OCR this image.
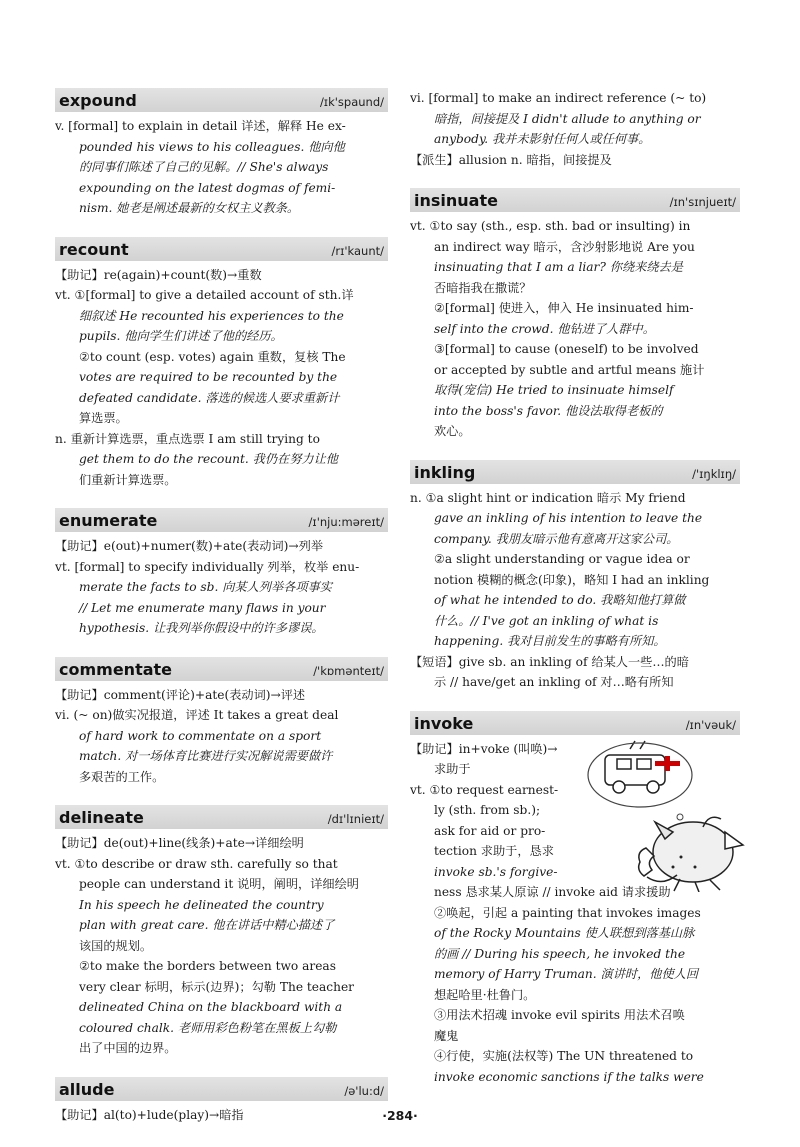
expound	/ɪk'spaund/
v. [formal] to explain in detail 详述，解释 He ex-
pounded his views to his colleagues. 他向他
的同事们陈述了自己的见解。// She's always
expounding on the latest dogmas of femi-
nism. 她老是阐述最新的女权主义教条。
recount	/rɪ'kaunt/
【助记】re(again)+count(数)→重数
vt. ①[formal] to give a detailed account of sth.详
细叙述 He recounted his experiences to the
pupils. 他向学生们讲述了他的经历。
②to count (esp. votes) again 重数，复核 The
votes are required to be recounted by the
defeated candidate. 落选的候选人要求重新计
算选票。
n. 重新计算选票，重点选票 I am still trying to
get them to do the recount. 我仍在努力让他
们重新计算选票。
enumerate	/ɪ'nju:məreɪt/
【助记】e(out)+numer(数)+ate(表动词)→列举
vt. [formal] to specify individually 列举，枚举 enu-
merate the facts to sb. 向某人列举各项事实
// Let me enumerate many flaws in your
hypothesis. 让我列举你假设中的许多谬误。
commentate	/'kɒmənteɪt/
【助记】comment(评论)+ate(表动词)→评述
vi. (~ on)做实况报道，评述 It takes a great deal
of hard work to commentate on a sport
match. 对一场体育比赛进行实况解说需要做许
多艰苦的工作。
delineate	/dɪ'lɪnieɪt/
【助记】de(out)+line(线条)+ate→详细绘明
vt. ①to describe or draw sth. carefully so that
people can understand it 说明，阐明，详细绘明
In his speech he delineated the country
plan with great care. 他在讲话中精心描述了
该国的规划。
②to make the borders between two areas
very clear 标明，标示(边界)；勾勒 The teacher
delineated China on the blackboard with a
coloured chalk. 老师用彩色粉笔在黑板上勾勒
出了中国的边界。
allude	/ə'lu:d/
【助记】al(to)+lude(play)→暗指
vi. [formal] to make an indirect reference (~ to)
暗指，间接提及 I didn't allude to anything or
anybody. 我并未影射任何人或任何事。
【派生】allusion n. 暗指，间接提及
insinuate	/ɪn'sɪnjueɪt/
vt. ①to say (sth., esp. sth. bad or insulting) in
an indirect way 暗示，含沙射影地说 Are you
insinuating that I am a liar? 你绕来绕去是
否暗指我在撒谎？
②[formal] 使进入，伸入 He insinuated him-
self into the crowd. 他钻进了人群中。
③[formal] to cause (oneself) to be involved
or accepted by subtle and artful means 施计
取得(宠信) He tried to insinuate himself
into the boss's favor. 他设法取得老板的
欢心。
inkling	/'ɪŋklɪŋ/
n. ①a slight hint or indication 暗示 My friend
gave an inkling of his intention to leave the
company. 我朋友暗示他有意离开这家公司。
②a slight understanding or vague idea or
notion 模糊的概念(印象)，略知 I had an inkling
of what he intended to do. 我略知他打算做
什么。// I've got an inkling of what is
happening. 我对目前发生的事略有所知。
【短语】give sb. an inkling of 给某人一些…的暗
示 // have/get an inkling of 对…略有所知
invoke	/ɪn'vəuk/
【助记】in+voke (叫唤)→
求助于
vt. ①to request earnest-
ly (sth. from sb.);
ask for aid or pro-
tection 求助于，恳求
invoke sb.'s forgive-
ness 恳求某人原谅 // invoke aid 请求援助
②唤起，引起 a painting that invokes images
of the Rocky Mountains 使人联想到落基山脉
的画 // During his speech, he invoked the
memory of Harry Truman. 演讲时，他使人回
想起哈里·杜鲁门。
③用法术招魂 invoke evil spirits 用法术召唤
魔鬼
④行使，实施(法权等) The UN threatened to
invoke economic sanctions if the talks were
·284·
